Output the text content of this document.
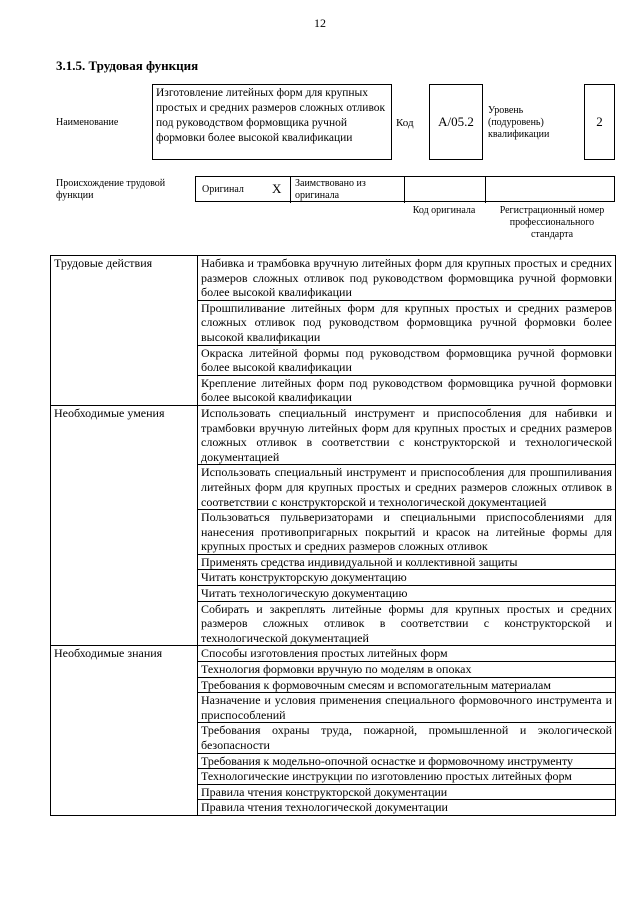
12
3.1.5. Трудовая функция
Наименование
Изготовление литейных форм для крупных простых и средних размеров сложных отливок под руководством формовщика ручной формовки более высокой квалификации
Код	А/05.2
Уровень (подуровень) квалификации
2
Происхождение трудовой функции
Оригинал X Заимствовано из оригинала
Код оригинала	Регистрационный номер профессионального стандарта
Трудовые действия	Набивка и трамбовка вручную литейных форм для крупных простых и средних размеров сложных отливок под руководством формовщика ручной формовки более высокой квалификации
	Прошпиливание литейных форм для крупных простых и средних размеров сложных отливок под руководством формовщика ручной формовки более высокой квалификации
	Окраска литейной формы под руководством формовщика ручной формовки более высокой квалификации
	Крепление литейных форм под руководством формовщика ручной формовки более высокой квалификации
Необходимые умения	Использовать специальный инструмент и приспособления для набивки и трамбовки вручную литейных форм для крупных простых и средних размеров сложных отливок в соответствии с конструкторской и технологической документацией
	Использовать специальный инструмент и приспособления для прошпиливания литейных форм для крупных простых и средних размеров сложных отливок в соответствии с конструкторской и технологической документацией
	Пользоваться пульверизаторами и специальными приспособлениями для нанесения противопригарных покрытий и красок на литейные формы для крупных простых и средних размеров сложных отливок
	Применять средства индивидуальной и коллективной защиты
	Читать конструкторскую документацию
	Читать технологическую документацию
	Собирать и закреплять литейные формы для крупных простых и средних размеров сложных отливок в соответствии с конструкторской и технологической документацией
Необходимые знания	Способы изготовления простых литейных форм
	Технология формовки вручную по моделям в опоках
	Требования к формовочным смесям и вспомогательным материалам
	Назначение и условия применения специального формовочного инструмента и приспособлений
	Требования охраны труда, пожарной, промышленной и экологической безопасности
	Требования к модельно-опочной оснастке и формовочному инструменту
	Технологические инструкции по изготовлению простых литейных форм
	Правила чтения конструкторской документации
	Правила чтения технологической документации
